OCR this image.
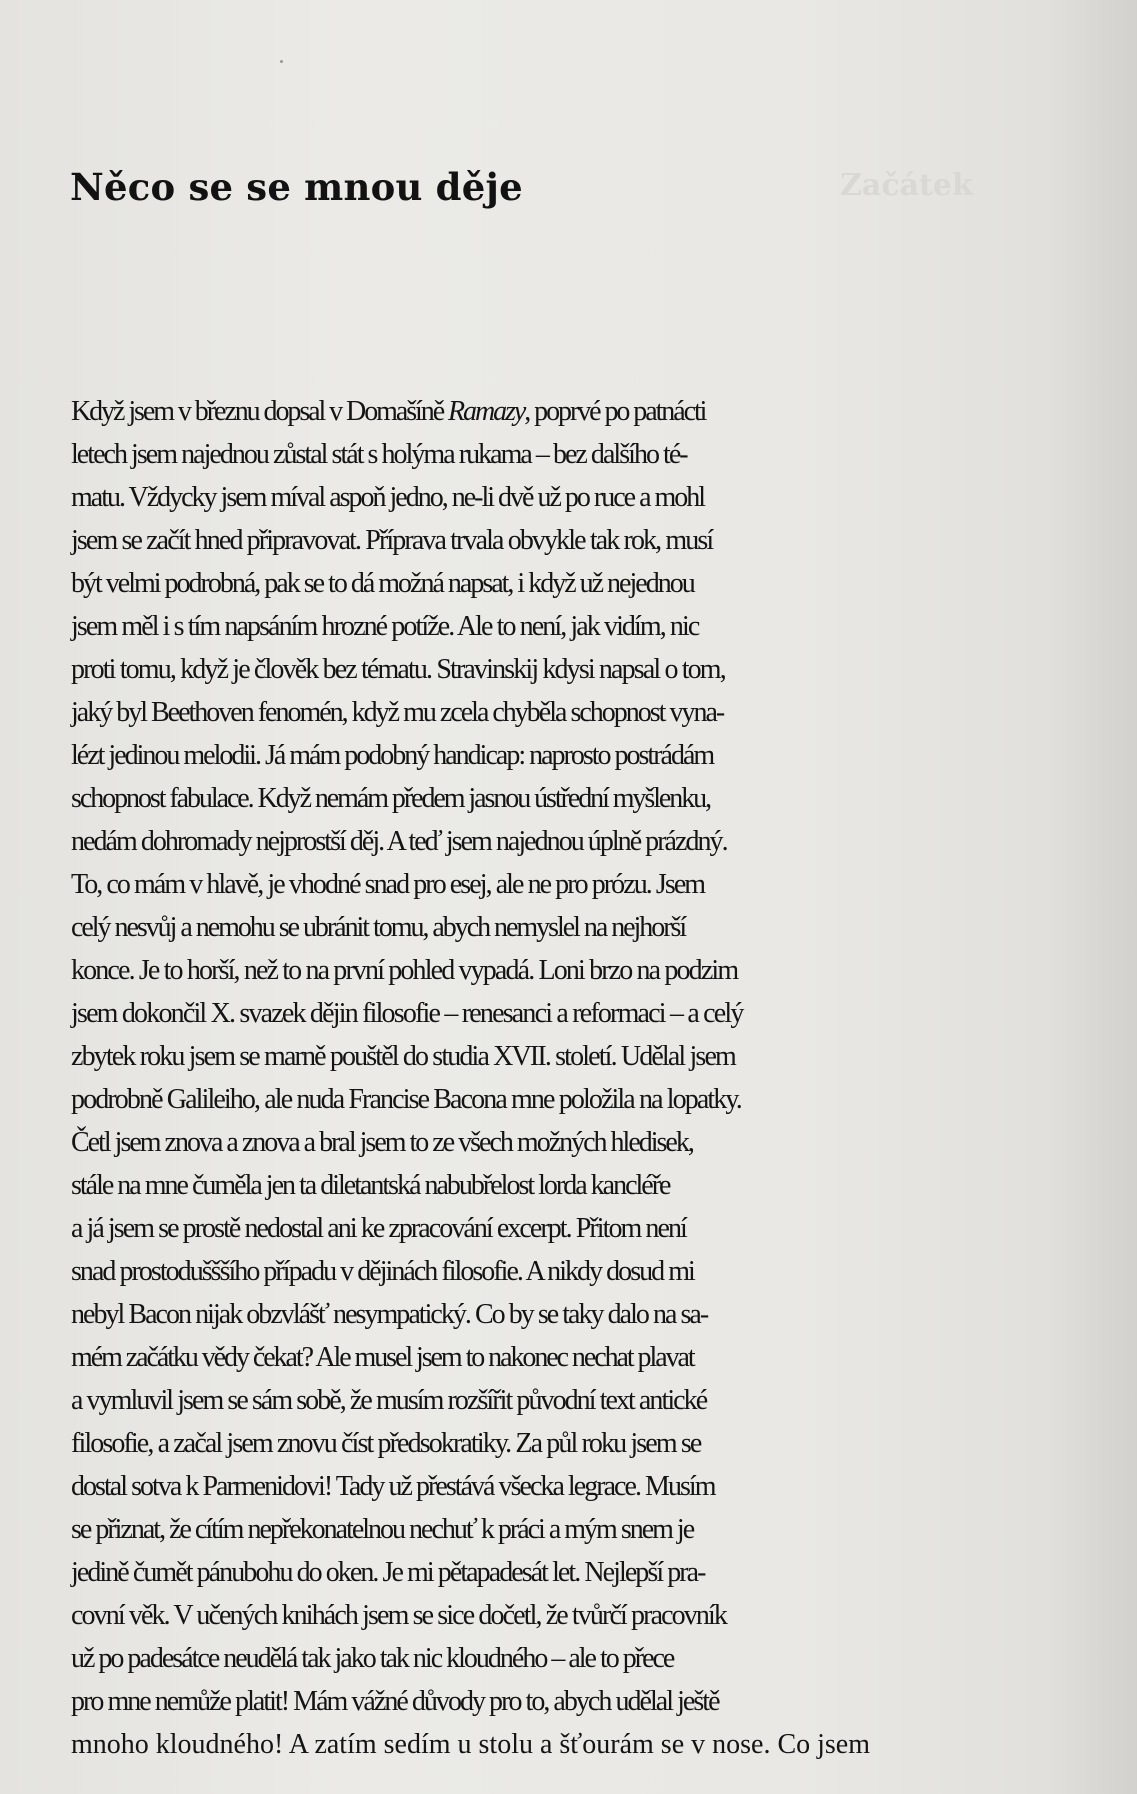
Začátek
Něco se se mnou děje
Když jsem v březnu dopsal v Domašíně Ramazy, poprvé po patnácti
letech jsem najednou zůstal stát s holýma rukama – bez dalšího té-
matu. Vždycky jsem míval aspoň jedno, ne-li dvě už po ruce a mohl
jsem se začít hned připravovat. Příprava trvala obvykle tak rok, musí
být velmi podrobná, pak se to dá možná napsat, i když už nejednou
jsem měl i s tím napsáním hrozné potíže. Ale to není, jak vidím, nic
proti tomu, když je člověk bez tématu. Stravinskij kdysi napsal o tom,
jaký byl Beethoven fenomén, když mu zcela chyběla schopnost vyna-
lézt jedinou melodii. Já mám podobný handicap: naprosto postrádám
schopnost fabulace. Když nemám předem jasnou ústřední myšlenku,
nedám dohromady nejprostší děj. A teď jsem najednou úplně prázdný.
To, co mám v hlavě, je vhodné snad pro esej, ale ne pro prózu. Jsem
celý nesvůj a nemohu se ubránit tomu, abych nemyslel na nejhorší
konce. Je to horší, než to na první pohled vypadá. Loni brzo na podzim
jsem dokončil X. svazek dějin filosofie – renesanci a reformaci – a celý
zbytek roku jsem se marně pouštěl do studia XVII. století. Udělal jsem
podrobně Galileiho, ale nuda Francise Bacona mne položila na lopatky.
Četl jsem znova a znova a bral jsem to ze všech možných hledisek,
stále na mne čuměla jen ta diletantská nabubřelost lorda kancléře
a já jsem se prostě nedostal ani ke zpracování excerpt. Přitom není
snad prostodušššího případu v dějinách filosofie. A nikdy dosud mi
nebyl Bacon nijak obzvlášť nesympatický. Co by se taky dalo na sa-
mém začátku vědy čekat? Ale musel jsem to nakonec nechat plavat
a vymluvil jsem se sám sobě, že musím rozšířit původní text antické
filosofie, a začal jsem znovu číst předsokratiky. Za půl roku jsem se
dostal sotva k Parmenidovi! Tady už přestává všecka legrace. Musím
se přiznat, že cítím nepřekonatelnou nechuť k práci a mým snem je
jedině čumět pánubohu do oken. Je mi pětapadesát let. Nejlepší pra-
covní věk. V učených knihách jsem se sice dočetl, že tvůrčí pracovník
už po padesátce neudělá tak jako tak nic kloudného – ale to přece
pro mne nemůže platit! Mám vážné důvody pro to, abych udělal ještě
mnoho kloudného! A zatím sedím u stolu a šťourám se v nose. Co jsem
